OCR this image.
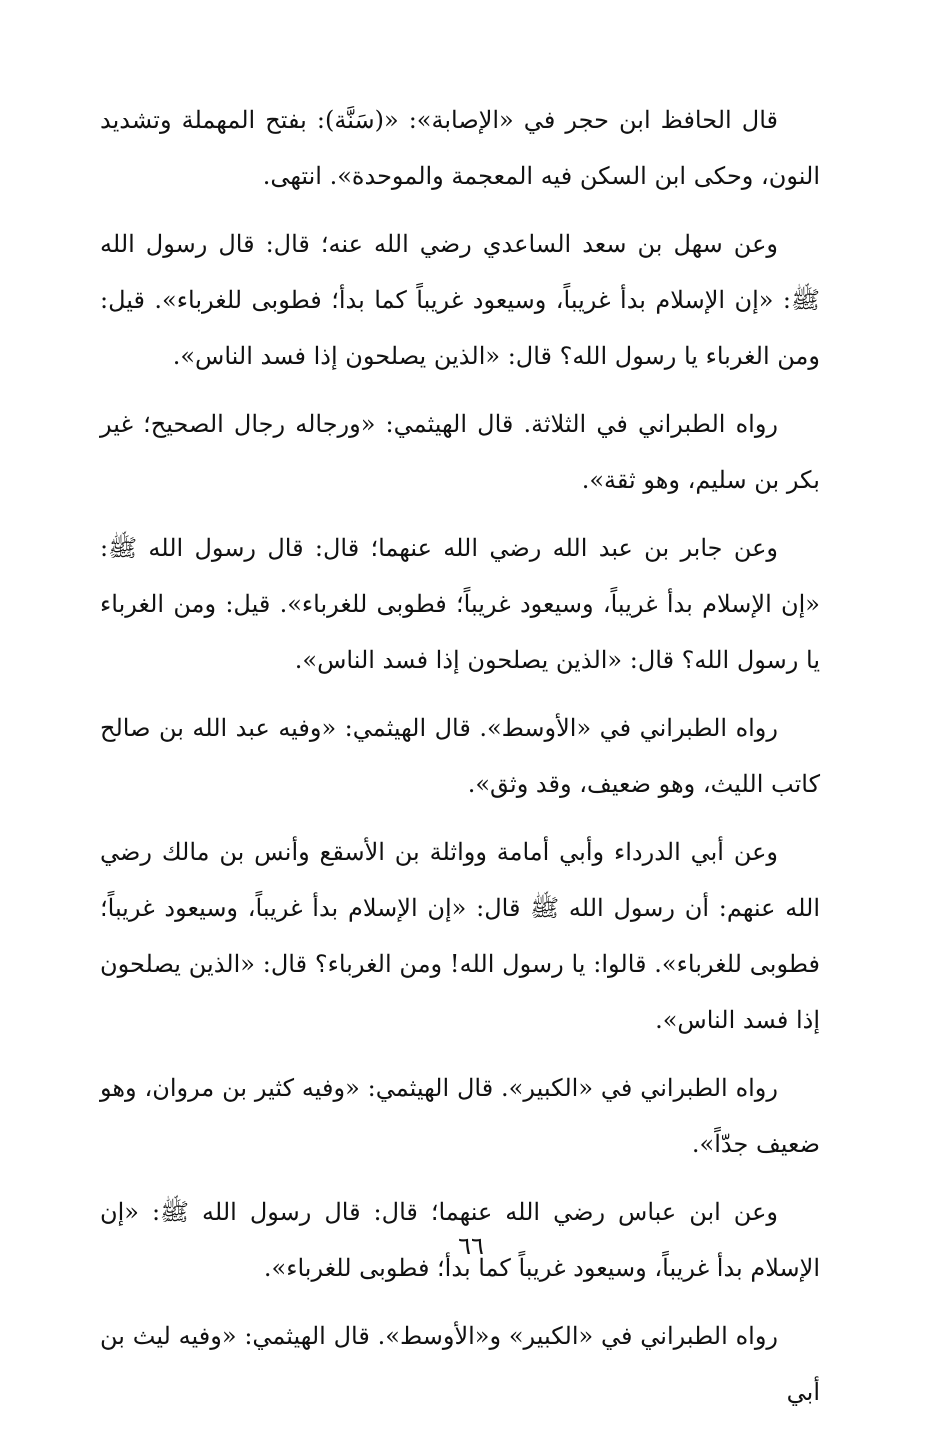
قال الحافظ ابن حجر في «الإصابة»: «(سَنَّة): بفتح المهملة وتشديد النون، وحكى ابن السكن فيه المعجمة والموحدة». انتهى.

وعن سهل بن سعد الساعدي رضي الله عنه؛ قال: قال رسول الله ﷺ: «إن الإسلام بدأ غريباً، وسيعود غريباً كما بدأ؛ فطوبى للغرباء». قيل: ومن الغرباء يا رسول الله؟ قال: «الذين يصلحون إذا فسد الناس».

رواه الطبراني في الثلاثة. قال الهيثمي: «ورجاله رجال الصحيح؛ غير بكر بن سليم، وهو ثقة».

وعن جابر بن عبد الله رضي الله عنهما؛ قال: قال رسول الله ﷺ: «إن الإسلام بدأ غريباً، وسيعود غريباً؛ فطوبى للغرباء». قيل: ومن الغرباء يا رسول الله؟ قال: «الذين يصلحون إذا فسد الناس».

رواه الطبراني في «الأوسط». قال الهيثمي: «وفيه عبد الله بن صالح كاتب الليث، وهو ضعيف، وقد وثق».

وعن أبي الدرداء وأبي أمامة وواثلة بن الأسقع وأنس بن مالك رضي الله عنهم: أن رسول الله ﷺ قال: «إن الإسلام بدأ غريباً، وسيعود غريباً؛ فطوبى للغرباء». قالوا: يا رسول الله! ومن الغرباء؟ قال: «الذين يصلحون إذا فسد الناس».

رواه الطبراني في «الكبير». قال الهيثمي: «وفيه كثير بن مروان، وهو ضعيف جدّاً».

وعن ابن عباس رضي الله عنهما؛ قال: قال رسول الله ﷺ: «إن الإسلام بدأ غريباً، وسيعود غريباً كما بدأ؛ فطوبى للغرباء».

رواه الطبراني في «الكبير» و«الأوسط». قال الهيثمي: «وفيه ليث بن أبي

٦٦
